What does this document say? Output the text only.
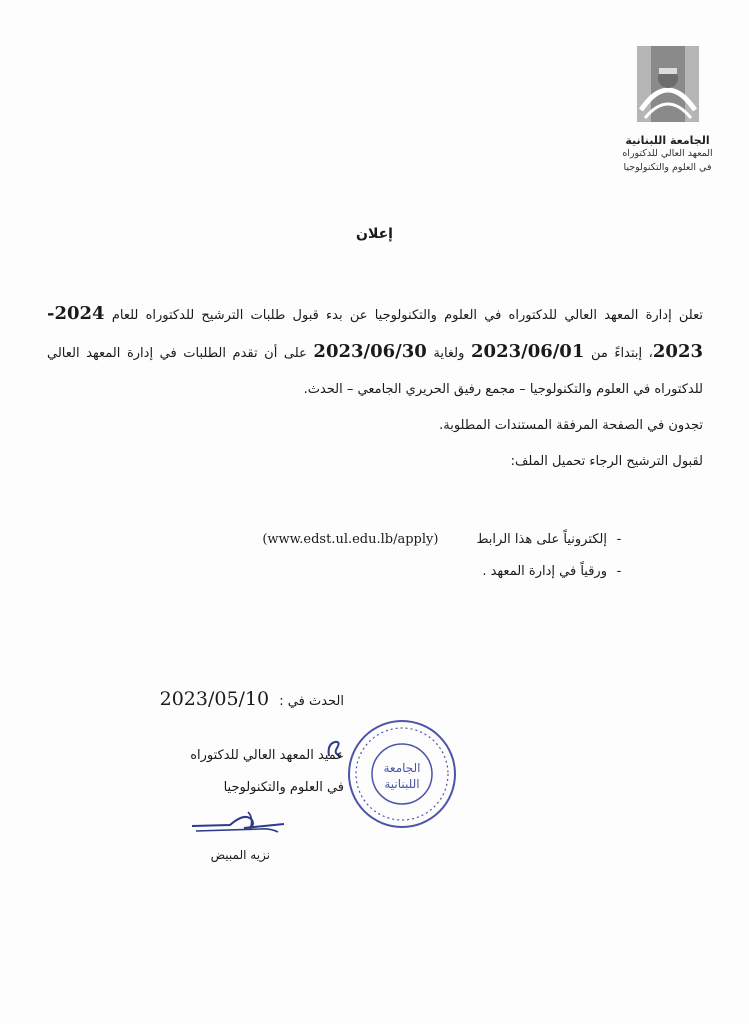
الجامعة اللبنانية
المعهد العالي للدكتوراه
في العلوم والتكنولوجيا
إعلان

تعلن إدارة المعهد العالي للدكتوراه في العلوم والتكنولوجيا عن بدء قبول طلبات الترشيح للدكتوراه للعام 2024-2023، إبتداءً من 2023/06/01 ولغاية 2023/06/30 على أن تقدم الطلبات في إدارة المعهد العالي للدكتوراه في العلوم والتكنولوجيا – مجمع رفيق الحريري الجامعي – الحدث.

تجدون في الصفحة المرفقة المستندات المطلوبة.

لقبول الترشيح الرجاء تحميل الملف:

-
إلكترونياً على هذا الرابط
(www.edst.ul.edu.lb/apply)
-
ورقياً في إدارة المعهد .
الحدث في : 2023/05/10
عميد المعهد العالي للدكتوراه
في العلوم والتكنولوجيا
نزيه المبيض
الجامعة
اللبنانية
